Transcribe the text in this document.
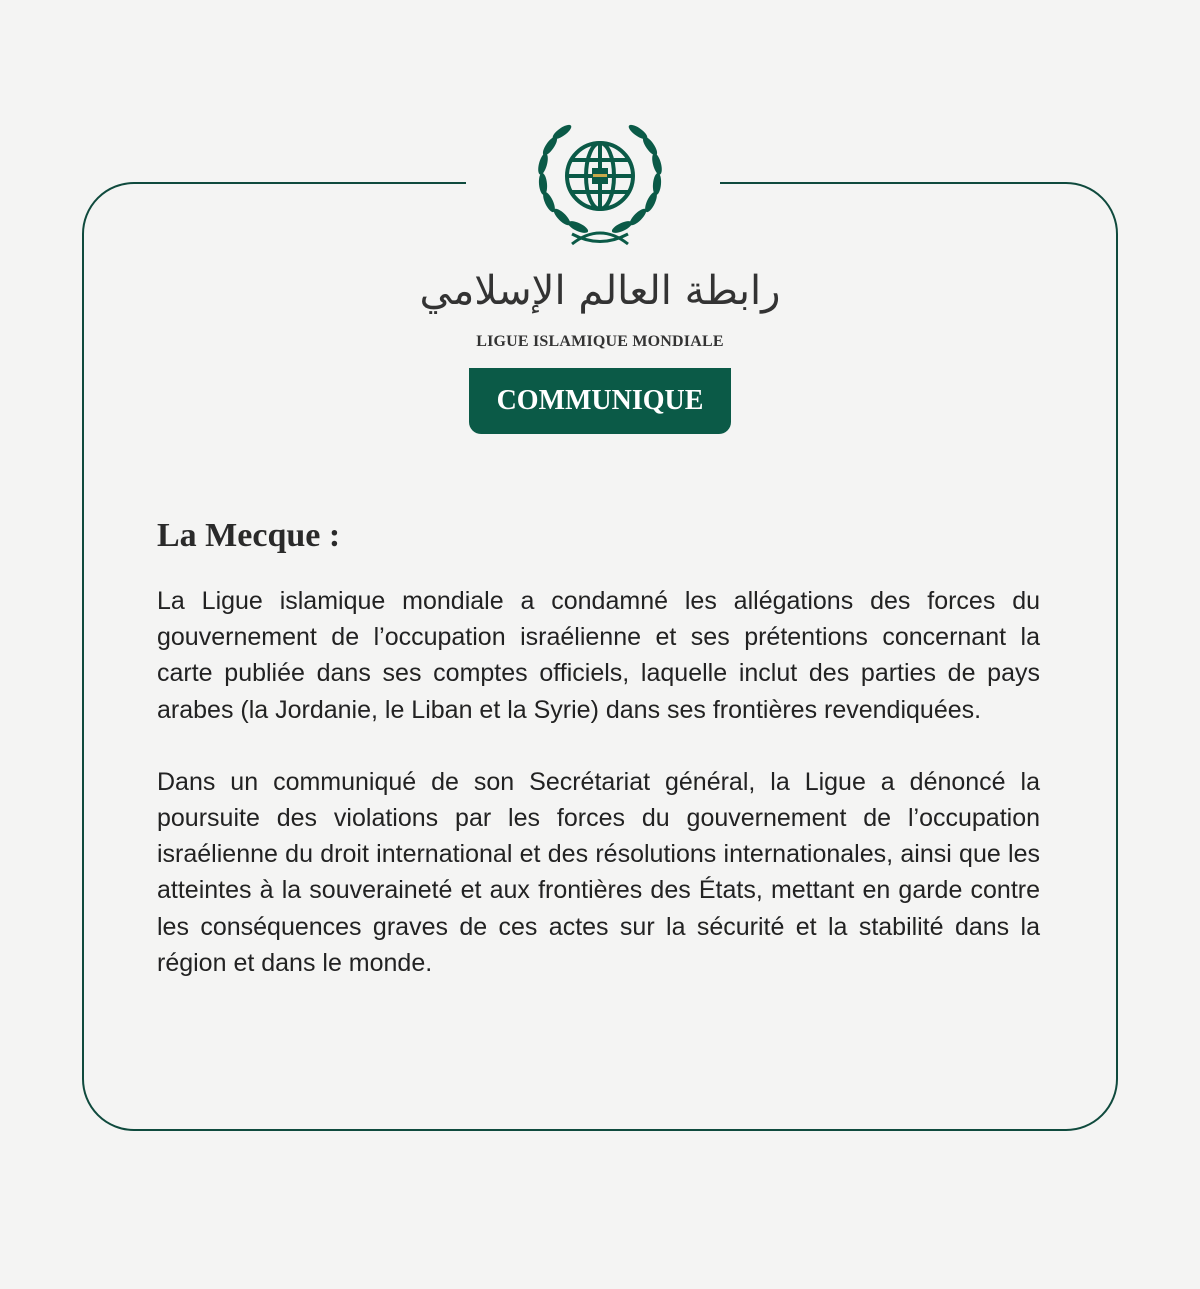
رابطة العالم الإسلامي
LIGUE ISLAMIQUE MONDIALE
COMMUNIQUE
La Mecque :

La Ligue islamique mondiale a condamné les allégations des forces du gouvernement de l’occupation israélienne et ses prétentions concernant la carte publiée dans ses comptes officiels, laquelle inclut des parties de pays arabes (la Jordanie, le Liban et la Syrie) dans ses frontières revendiquées.

Dans un communiqué de son Secrétariat général, la Ligue a dénoncé la poursuite des violations par les forces du gouvernement de l’occupation israélienne du droit international et des résolutions internationales, ainsi que les atteintes à la souveraineté et aux frontières des États, mettant en garde contre les conséquences graves de ces actes sur la sécurité et la stabilité dans la région et dans le monde.
